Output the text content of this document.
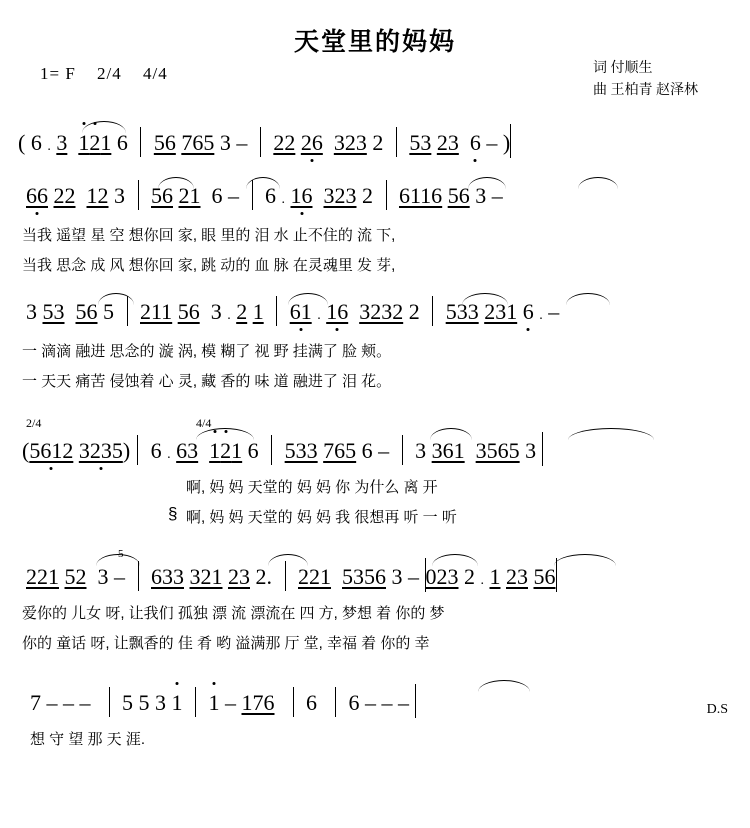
天堂里的妈妈
1= F 2/4 4/4	词 付顺生
曲 王柏青 赵泽林
( 6 . 3 121 6  56 765 3 –  22 26 323 2  53 23 6 – )
66 22 12 3  56 21  6 –  6 . 16 323 2  6116 56 3 –
当我 遥望 星 空 想你回 家, 眼 里的 泪 水 止不住的 流 下,
当我 思念 成 风 想你回 家, 跳 动的 血 脉 在灵魂里 发 芽,
3 53 56 5  211 56  3 . 2 1 61 . 16 3232 2  533 231 6 . –
一 滴滴 融进 思念的 漩 涡, 模 糊了 视 野 挂满了 脸 颊。
一 天天 痛苦 侵蚀着 心 灵, 藏 香的 味 道 融进了 泪 花。
2/4	4/4
(5612 3235) 6 . 63 121 6  533 765 6 –  3 361 3565 3
啊, 妈 妈 天堂的 妈 妈 你 为什么 离 开
§ 啊, 妈 妈 天堂的 妈 妈 我 很想再 听 一 听
5
221 52  3 –  633 321 23 2.  221 5356 3 – 023 2 . 1 23 56
爱你的 儿女 呀, 让我们 孤独 漂 流 漂流在 四 方, 梦想 着 你的 梦
你的 童话 呀, 让飘香的 佳 肴 哟 溢满那 厅 堂, 幸福 着 你的 幸
7 – – –   5 5 3 1 1 – 176   6   6 – – –
想 守 望 那 天 涯.
D.S
